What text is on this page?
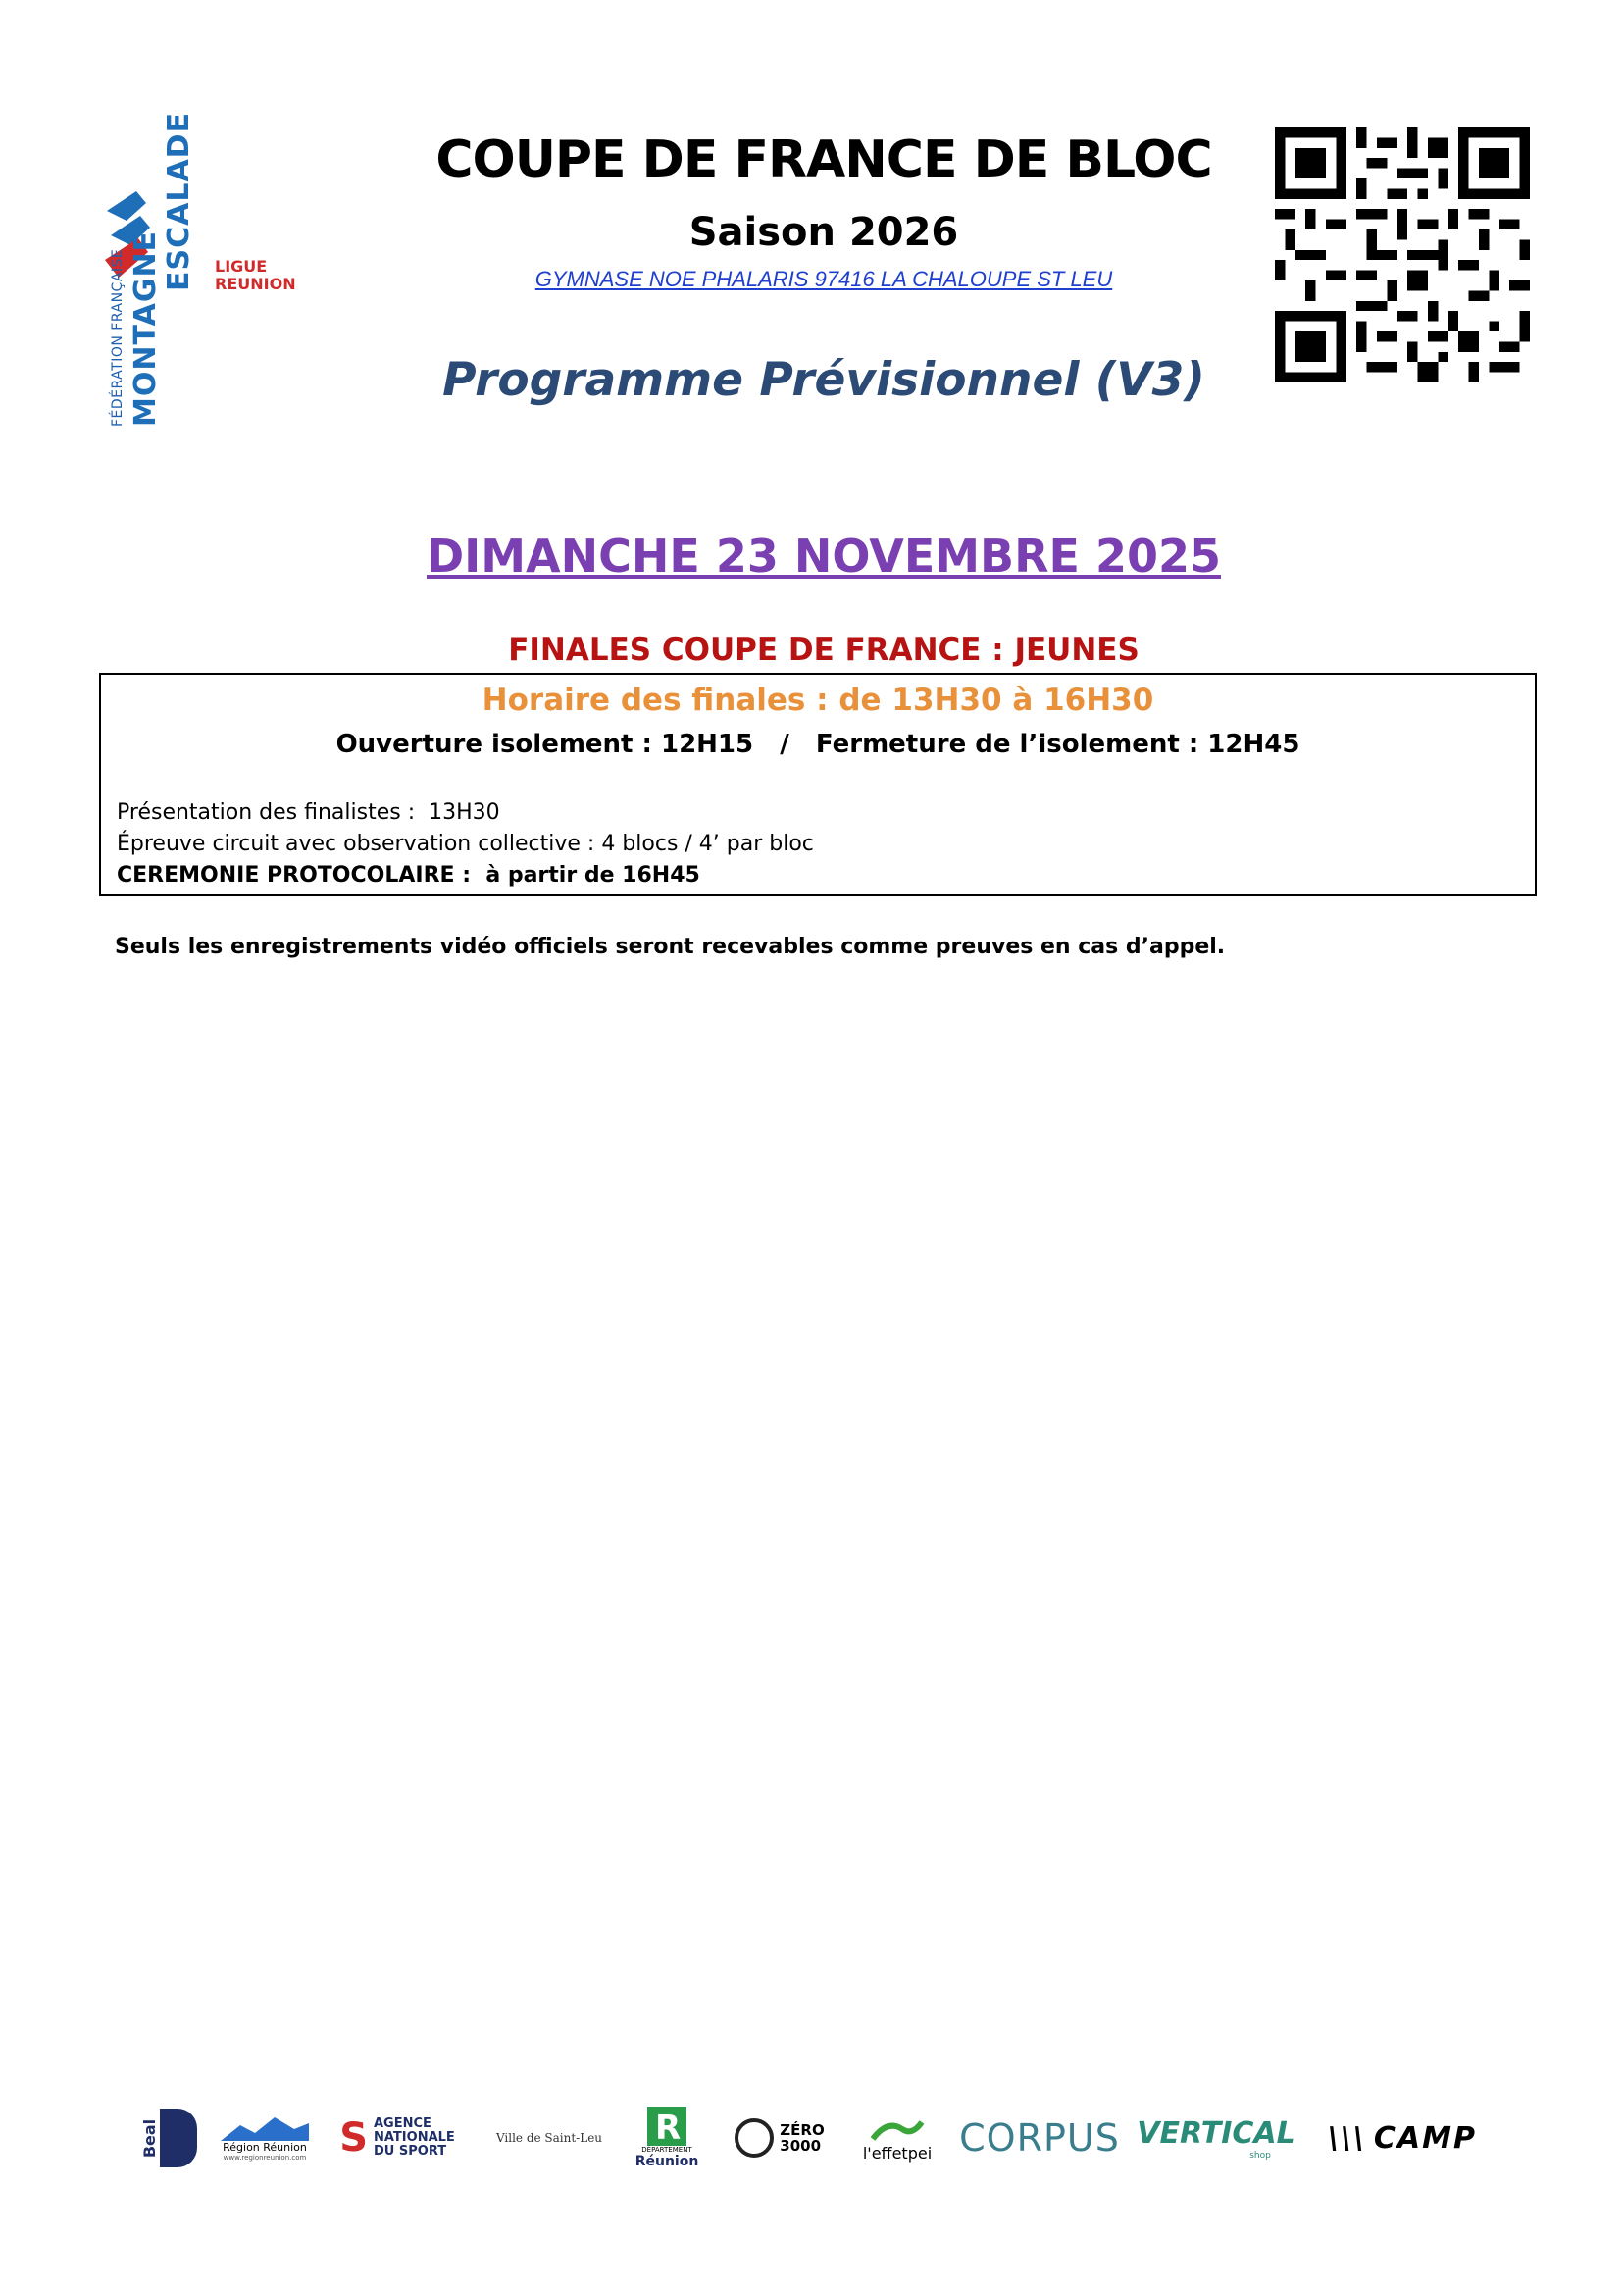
FÉDÉRATION FRANÇAISE MONTAGNE
ESCALADE LIGUE
REUNION
COUPE DE FRANCE DE BLOC
Saison 2026
GYMNASE NOE PHALARIS 97416 LA CHALOUPE ST LEU
Programme Prévisionnel (V3)
DIMANCHE 23 NOVEMBRE 2025
FINALES COUPE DE FRANCE : JEUNES
Horaire des finales : de 13H30 à 16H30
Ouverture isolement : 12H15   /   Fermeture de l’isolement : 12H45
Présentation des finalistes :  13H30
Épreuve circuit avec observation collective : 4 blocs / 4’ par bloc
CEREMONIE PROTOCOLAIRE :  à partir de 16H45
Seuls les enregistrements vidéo officiels seront recevables comme preuves en cas d’appel.
Beal	Région Réunion
www.regionreunion.com S AGENCE
NATIONALE
DU SPORT
Ville de Saint-Leu R
DÉPARTEMENT
Réunion
ZÉRO
3000	l'effetpei CORPUS VERTICAL
shop \\\ CAMP
